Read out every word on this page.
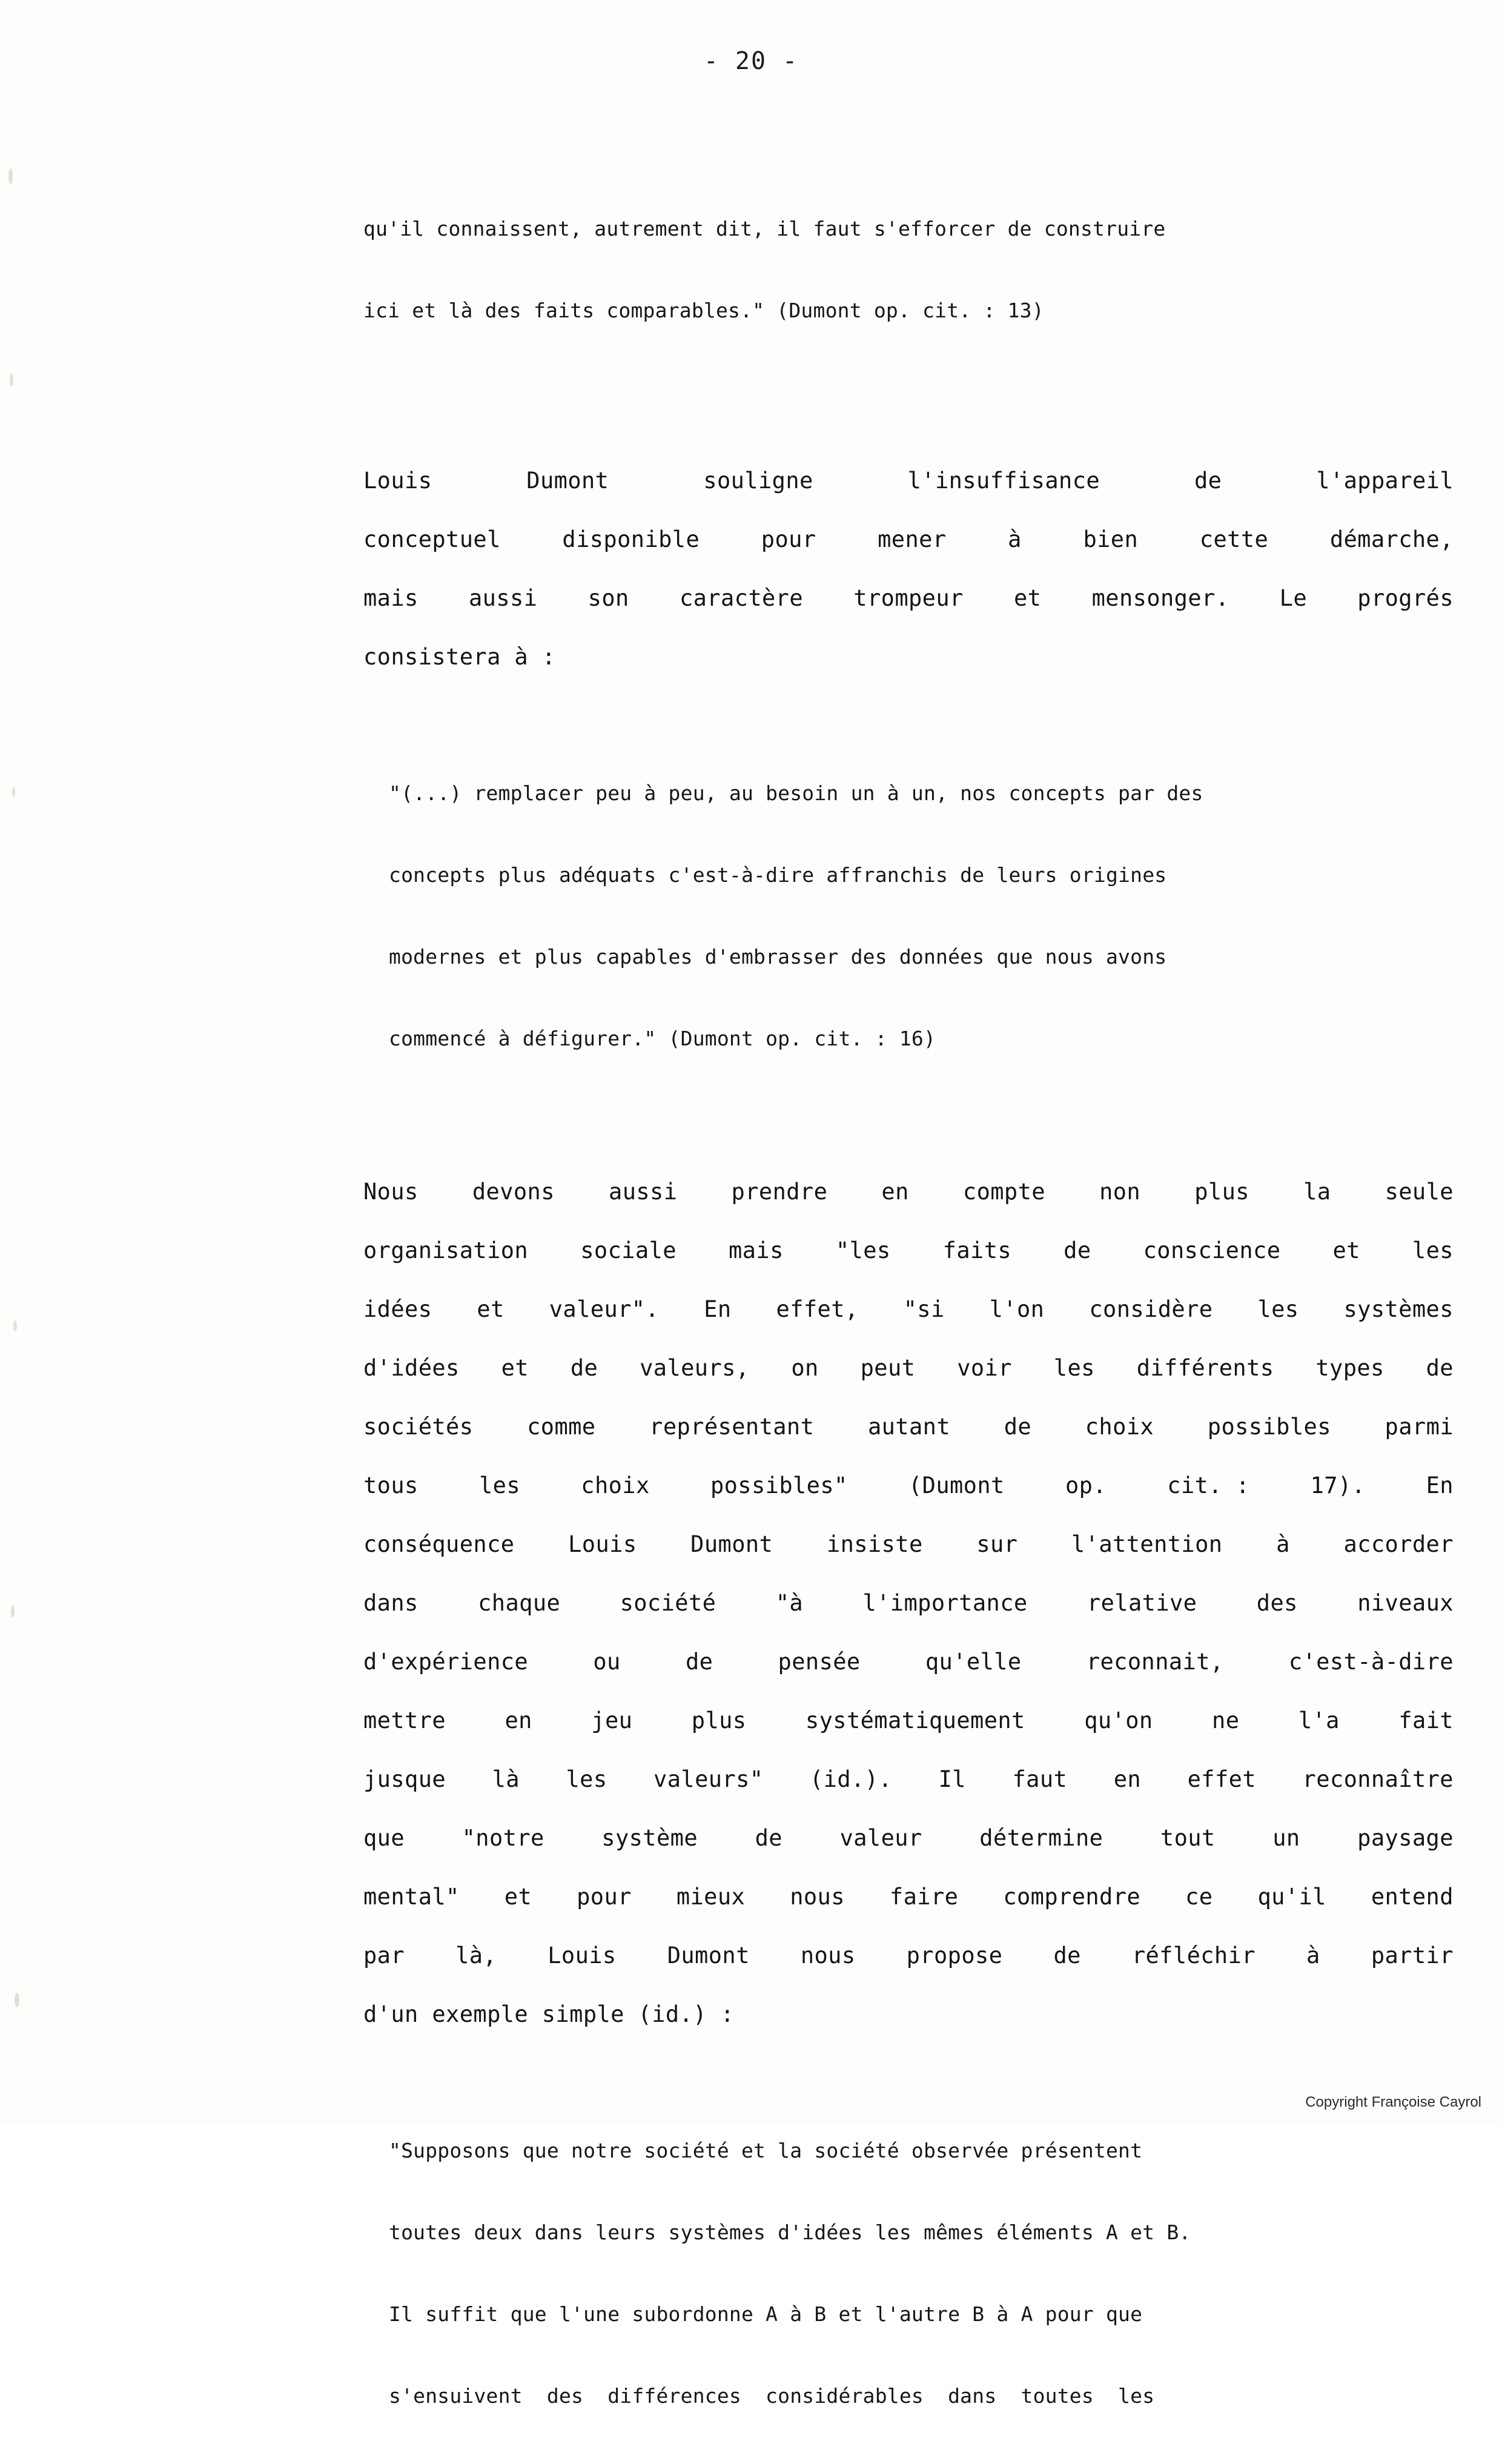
- 20 -

qu'il connaissent, autrement dit, il faut s'efforcer de construire

ici et là des faits comparables." (Dumont op. cit. : 13)

Louis	Dumont	souligne	l'insuffisance	de	l'appareil
conceptuel	disponible	pour	mener	à	bien	cette	démarche,
mais aussi son caractère trompeur et mensonger. Le progrés
consistera à :

"(...) remplacer peu à peu, au besoin un à un, nos concepts par des

concepts plus adéquats c'est-à-dire affranchis de leurs origines

modernes et plus capables d'embrasser des données que nous avons

commencé à défigurer." (Dumont op. cit. : 16)

Nous devons aussi prendre en compte non plus la seule
organisation sociale mais "les faits de conscience et les
idées et valeur". En effet, "si l'on considère les systèmes
d'idées et de valeurs, on peut voir les différents types de
sociétés comme représentant autant de choix possibles parmi
tous	les	choix	possibles"	(Dumont	op.	cit. :	17).	En
conséquence Louis Dumont insiste sur l'attention à accorder
dans	chaque	société	"à	l'importance	relative	des	niveaux
d'expérience	ou	de	pensée	qu'elle	reconnait,	c'est-à-dire
mettre	en	jeu	plus	systématiquement	qu'on	ne	l'a	fait
jusque là les valeurs" (id.). Il faut en effet reconnaître
que	"notre	système	de	valeur	détermine	tout	un	paysage
mental" et pour mieux nous faire comprendre ce qu'il entend
par là, Louis Dumont nous propose de réfléchir à partir
d'un exemple simple (id.) :

"Supposons que notre société et la société observée présentent

toutes deux dans leurs systèmes d'idées les mêmes éléments A et B.

Il suffit que l'une subordonne A à B et l'autre B à A pour que

s'ensuivent  des  différences  considérables  dans  toutes  les

Copyright Françoise Cayrol
